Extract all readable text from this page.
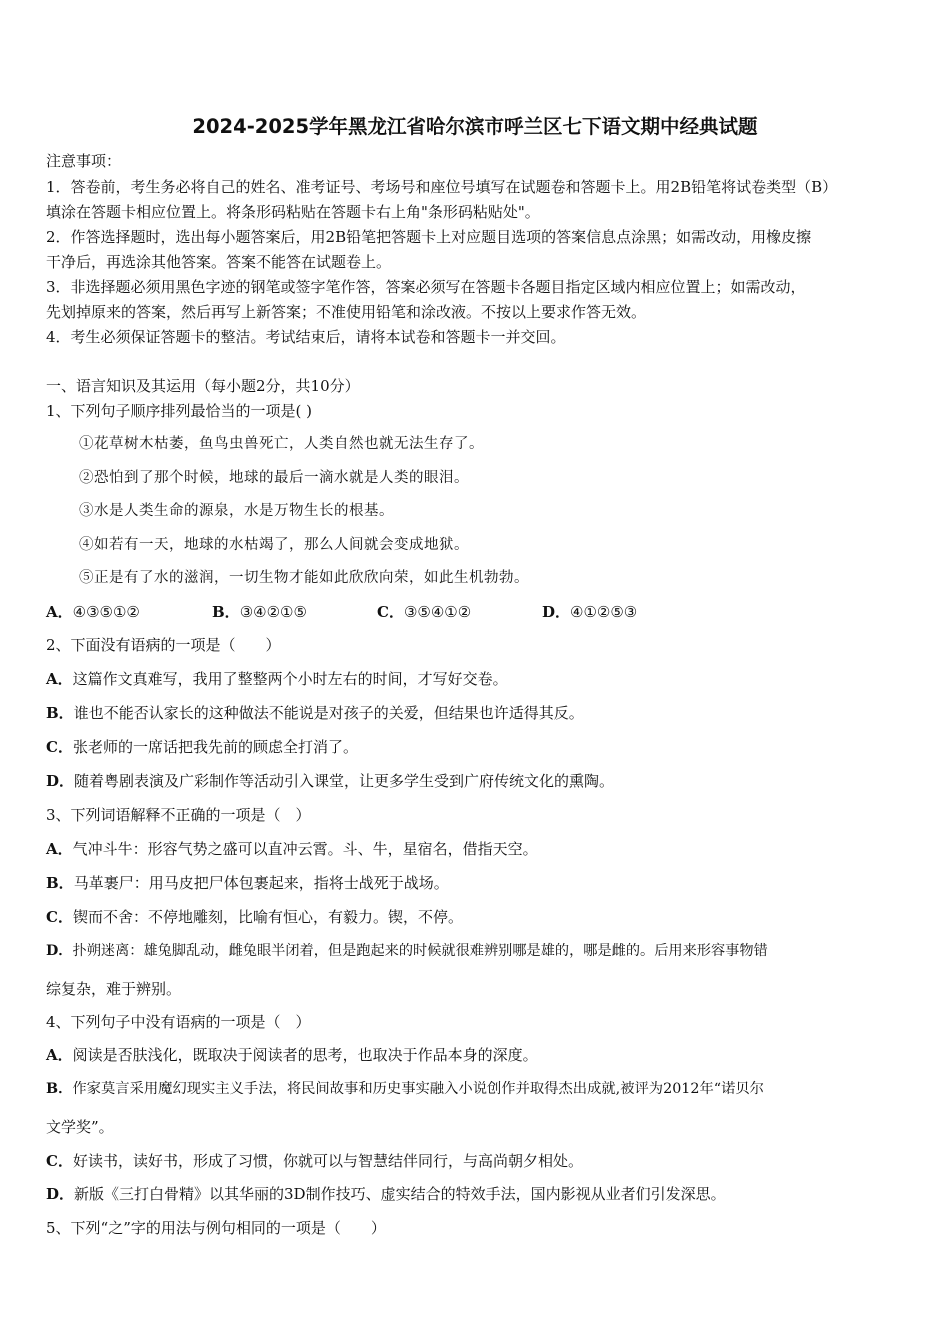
2024-2025学年黑龙江省哈尔滨市呼兰区七下语文期中经典试题
注意事项：
1．答卷前，考生务必将自己的姓名、准考证号、考场号和座位号填写在试题卷和答题卡上。用2B铅笔将试卷类型（B）
填涂在答题卡相应位置上。将条形码粘贴在答题卡右上角"条形码粘贴处"。
2．作答选择题时，选出每小题答案后，用2B铅笔把答题卡上对应题目选项的答案信息点涂黑；如需改动，用橡皮擦
干净后，再选涂其他答案。答案不能答在试题卷上。
3．非选择题必须用黑色字迹的钢笔或签字笔作答，答案必须写在答题卡各题目指定区域内相应位置上；如需改动，
先划掉原来的答案，然后再写上新答案；不准使用铅笔和涂改液。不按以上要求作答无效。
4．考生必须保证答题卡的整洁。考试结束后，请将本试卷和答题卡一并交回。
一、语言知识及其运用（每小题2分，共10分）
1、下列句子顺序排列最恰当的一项是( )
①花草树木枯萎，鱼鸟虫兽死亡，人类自然也就无法生存了。
②恐怕到了那个时候，地球的最后一滴水就是人类的眼泪。
③水是人类生命的源泉，水是万物生长的根基。
④如若有一天，地球的水枯竭了，那么人间就会变成地狱。
⑤正是有了水的滋润，一切生物才能如此欣欣向荣，如此生机勃勃。
A．④③⑤①②	B．③④②①⑤	C．③⑤④①②	D．④①②⑤③
2、下面没有语病的一项是（　　）
A．这篇作文真难写，我用了整整两个小时左右的时间，才写好交卷。
B．谁也不能否认家长的这种做法不能说是对孩子的关爱，但结果也许适得其反。
C．张老师的一席话把我先前的顾虑全打消了。
D．随着粤剧表演及广彩制作等活动引入课堂，让更多学生受到广府传统文化的熏陶。
3、下列词语解释不正确的一项是（　）
A．气冲斗牛：形容气势之盛可以直冲云霄。斗、牛，星宿名，借指天空。
B．马革裹尸：用马皮把尸体包裹起来，指将士战死于战场。
C．锲而不舍：不停地雕刻，比喻有恒心，有毅力。锲，不停。
D．扑朔迷离：雄兔脚乱动，雌兔眼半闭着，但是跑起来的时候就很难辨别哪是雄的，哪是雌的。后用来形容事物错
综复杂，难于辨别。
4、下列句子中没有语病的一项是（　）
A．阅读是否肤浅化，既取决于阅读者的思考，也取决于作品本身的深度。
B．作家莫言采用魔幻现实主义手法，将民间故事和历史事实融入小说创作并取得杰出成就,被评为2012年“诺贝尔
文学奖”。
C．好读书，读好书，形成了习惯，你就可以与智慧结伴同行，与高尚朝夕相处。
D．新版《三打白骨精》以其华丽的3D制作技巧、虚实结合的特效手法，国内影视从业者们引发深思。
5、下列“之”字的用法与例句相同的一项是（　　）
